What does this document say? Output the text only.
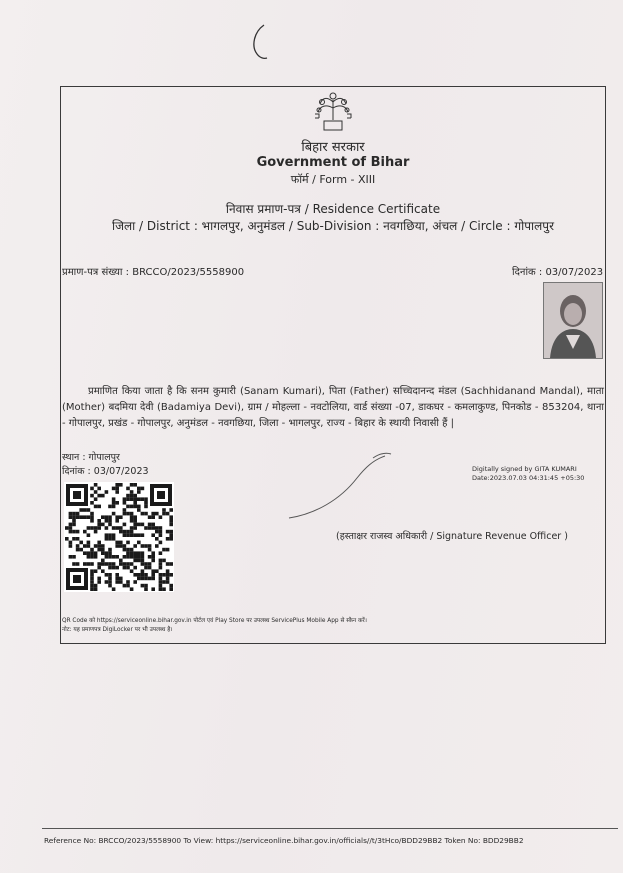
बिहार सरकार
Government of Bihar
फॉर्म / Form - XIII
निवास प्रमाण-पत्र / Residence Certificate
जिला / District : भागलपुर, अनुमंडल / Sub-Division : नवगछिया, अंचल / Circle : गोपालपुर
प्रमाण-पत्र संख्या : BRCCO/2023/5558900	दिनांक : 03/07/2023
प्रमाणित किया जाता है कि सनम कुमारी (Sanam Kumari), पिता (Father) सच्चिदानन्द मंडल (Sachhidanand Mandal), माता (Mother) बदमिया देवी (Badamiya Devi), ग्राम / मोहल्ला - नवटोलिया, वार्ड संख्या -07, डाकघर - कमलाकुण्ड, पिनकोड - 853204, थाना - गोपालपुर, प्रखंड - गोपालपुर, अनुमंडल - नवगछिया, जिला - भागलपुर, राज्य - बिहार के स्थायी निवासी हैं |
स्थान : गोपालपुर
दिनांक : 03/07/2023	Digitally signed by GITA KUMARI
Date:2023.07.03 04:31:45 +05:30
(हस्ताक्षर राजस्व अधिकारी / Signature Revenue Officer )
QR Code को https://serviceonline.bihar.gov.in पोर्टल एवं Play Store पर उपलब्ध ServicePlus Mobile App से स्कैन करें।
नोट: यह प्रमाणपत्र DigiLocker पर भी उपलब्ध है।
Reference No: BRCCO/2023/5558900 To View: https://serviceonline.bihar.gov.in/officials//t/3tHco/BDD29BB2 Token No: BDD29BB2
